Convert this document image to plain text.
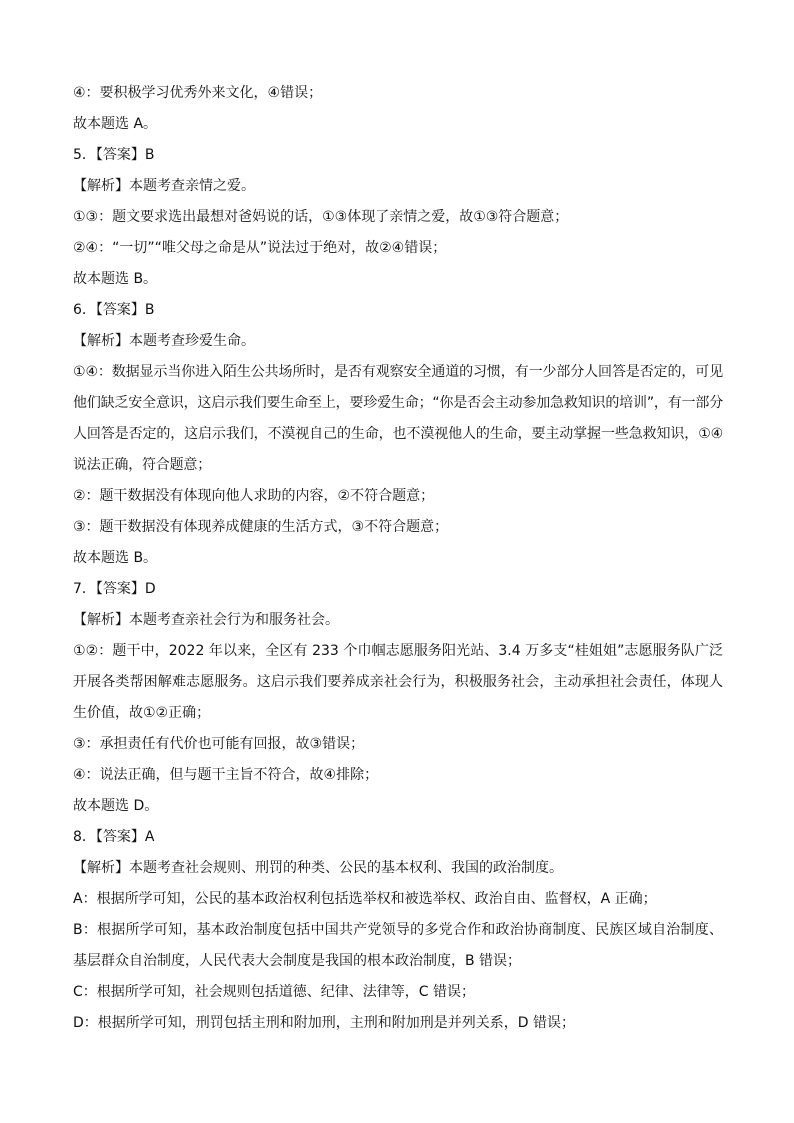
④：要积极学习优秀外来文化，④错误；
故本题选 A。
5．【答案】B
【解析】本题考查亲情之爱。
①③：题文要求选出最想对爸妈说的话，①③体现了亲情之爱，故①③符合题意；
②④：“一切”“唯父母之命是从”说法过于绝对，故②④错误；
故本题选 B。
6．【答案】B
【解析】本题考查珍爱生命。
①④：数据显示当你进入陌生公共场所时，是否有观察安全通道的习惯，有一少部分人回答是否定的，可见他们缺乏安全意识，这启示我们要生命至上，要珍爱生命；“你是否会主动参加急救知识的培训”，有一部分人回答是否定的，这启示我们，不漠视自己的生命，也不漠视他人的生命，要主动掌握一些急救知识，①④说法正确，符合题意；
②：题干数据没有体现向他人求助的内容，②不符合题意；
③：题干数据没有体现养成健康的生活方式，③不符合题意；
故本题选 B。
7．【答案】D
【解析】本题考查亲社会行为和服务社会。
①②：题干中，2022 年以来，全区有 233 个巾帼志愿服务阳光站、3.4 万多支“桂姐姐”志愿服务队广泛开展各类帮困解难志愿服务。这启示我们要养成亲社会行为，积极服务社会，主动承担社会责任，体现人生价值，故①②正确；
③：承担责任有代价也可能有回报，故③错误；
④：说法正确，但与题干主旨不符合，故④排除；
故本题选 D。
8．【答案】A
【解析】本题考查社会规则、刑罚的种类、公民的基本权利、我国的政治制度。
A：根据所学可知，公民的基本政治权利包括选举权和被选举权、政治自由、监督权，A 正确；
B：根据所学可知，基本政治制度包括中国共产党领导的多党合作和政治协商制度、民族区域自治制度、基层群众自治制度，人民代表大会制度是我国的根本政治制度，B 错误；
C：根据所学可知，社会规则包括道德、纪律、法律等，C 错误；
D：根据所学可知，刑罚包括主刑和附加刑，主刑和附加刑是并列关系，D 错误；
